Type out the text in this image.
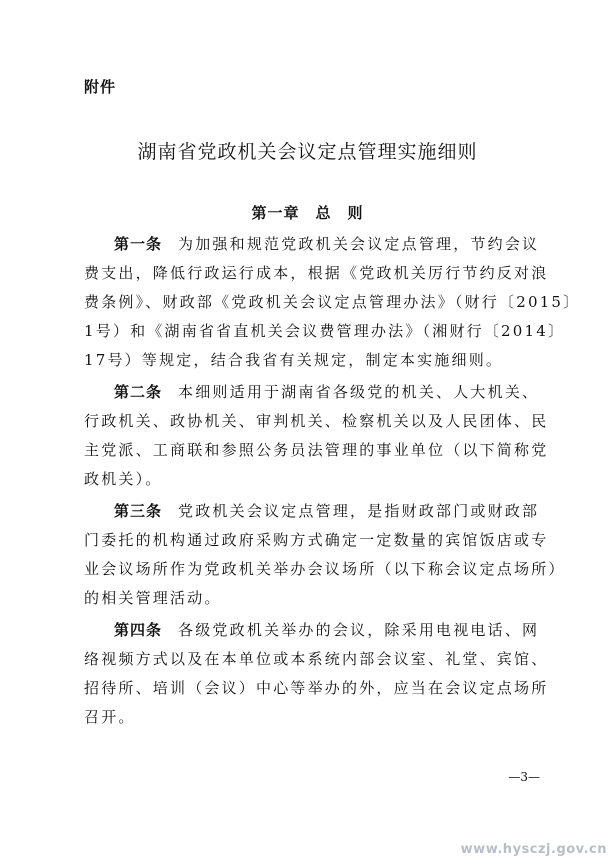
附件
湖南省党政机关会议定点管理实施细则
第一章　总　则
第一条 为加强和规范党政机关会议定点管理，节约会议
费支出，降低行政运行成本，根据《党政机关厉行节约反对浪
费条例》、财政部《党政机关会议定点管理办法》（财行〔2015〕
1号）和《湖南省省直机关会议费管理办法》（湘财行〔2014〕
17号）等规定，结合我省有关规定，制定本实施细则。
第二条 本细则适用于湖南省各级党的机关、人大机关、
行政机关、政协机关、审判机关、检察机关以及人民团体、民
主党派、工商联和参照公务员法管理的事业单位（以下简称党
政机关）。
第三条 党政机关会议定点管理，是指财政部门或财政部
门委托的机构通过政府采购方式确定一定数量的宾馆饭店或专
业会议场所作为党政机关举办会议场所（以下称会议定点场所）
的相关管理活动。
第四条 各级党政机关举办的会议，除采用电视电话、网
络视频方式以及在本单位或本系统内部会议室、礼堂、宾馆、
招待所、培训（会议）中心等举办的外，应当在会议定点场所
召开。
—3—
www.hysczj.gov.cn
